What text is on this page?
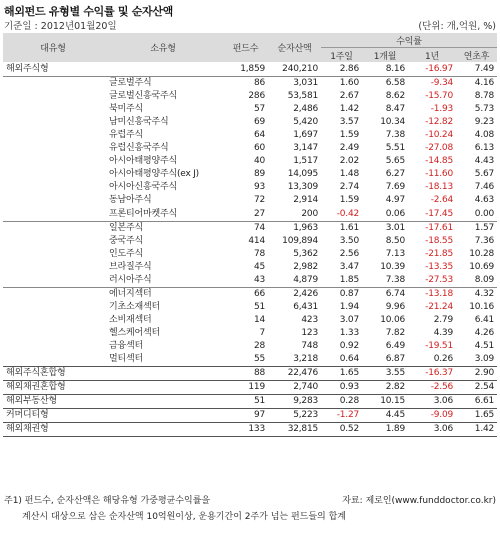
해외펀드 유형별 수익률 및 순자산액
기준일 : 2012년01월20일	(단위: 개,억원, %)
대유형	소유형	펀드수	순자산액	수익률			
				1주일	1개월	1년	연초후
해외주식형		1,859	240,210	2.86	8.16	-16.97	7.49
	글로벌주식	86	3,031	1.60	6.58	-9.34	4.16
	글로벌신흥국주식	286	53,581	2.67	8.62	-15.70	8.78
	북미주식	57	2,486	1.42	8.47	-1.93	5.73
	남미신흥국주식	69	5,420	3.57	10.34	-12.82	9.23
	유럽주식	64	1,697	1.59	7.38	-10.24	4.08
	유럽신흥국주식	60	3,147	2.49	5.51	-27.08	6.13
	아시아태평양주식	40	1,517	2.02	5.65	-14.85	4.43
	아시아태평양주식(ex J)	89	14,095	1.48	6.27	-11.60	5.67
	아시아신흥국주식	93	13,309	2.74	7.69	-18.13	7.46
	동남아주식	72	2,914	1.59	4.97	-2.64	4.63
	프론티어마켓주식	27	200	-0.42	0.06	-17.45	0.00
	일본주식	74	1,963	1.61	3.01	-17.61	1.57
	중국주식	414	109,894	3.50	8.50	-18.55	7.36
	인도주식	78	5,362	2.56	7.13	-21.85	10.28
	브라질주식	45	2,982	3.47	10.39	-13.35	10.69
	러시아주식	43	4,879	1.85	7.38	-27.53	8.09
	에너지섹터	66	2,426	0.87	6.74	-13.18	4.32
	기초소재섹터	51	6,431	1.94	9.96	-21.24	10.16
	소비재섹터	14	423	3.07	10.06	2.79	6.41
	헬스케어섹터	7	123	1.33	7.82	4.39	4.26
	금융섹터	28	748	0.92	6.49	-19.51	4.51
	멀티섹터	55	3,218	0.64	6.87	0.26	3.09
해외주식혼합형		88	22,476	1.65	3.55	-16.37	2.90
해외채권혼합형		119	2,740	0.93	2.82	-2.56	2.54
해외부동산형		51	9,283	0.28	10.15	3.06	6.61
커머디티형		97	5,223	-1.27	4.45	-9.09	1.65
해외채권형		133	32,815	0.52	1.89	3.06	1.42
주1) 펀드수, 순자산액은 해당유형 가중평균수익률을	자료: 제로인(www.funddoctor.co.kr)
계산시 대상으로 삼은 순자산액 10억원이상, 운용기간이 2주가 넘는 펀드들의 합계
